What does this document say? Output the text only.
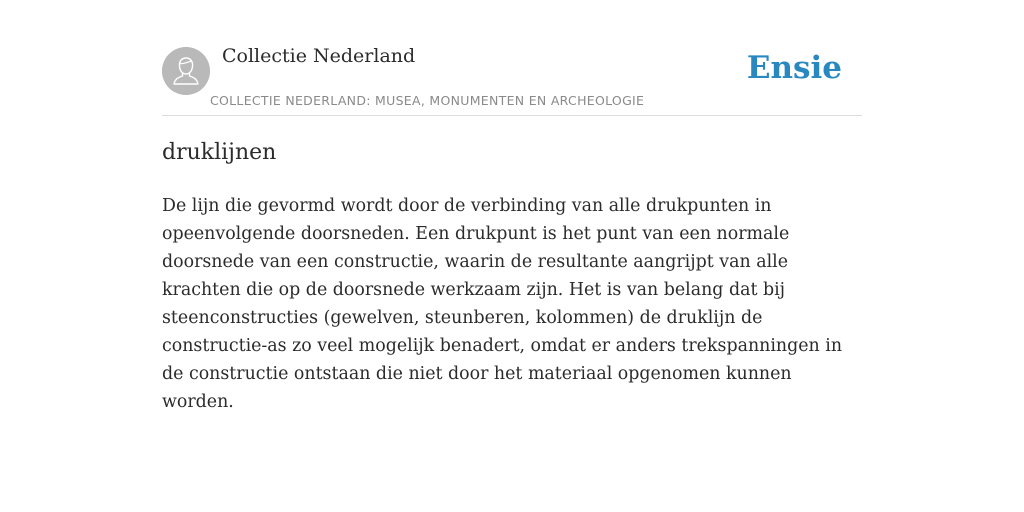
Collectie Nederland
COLLECTIE NEDERLAND: MUSEA, MONUMENTEN EN ARCHEOLOGIE
Ensie
druklijnen

De lijn die gevormd wordt door de verbinding van alle drukpunten in opeenvolgende doorsneden. Een drukpunt is het punt van een normale doorsnede van een constructie, waarin de resultante aangrijpt van alle krachten die op de doorsnede werkzaam zijn. Het is van belang dat bij steenconstructies (gewelven, steunberen, kolommen) de druklijn de constructie-as zo veel mogelijk benadert, omdat er anders trekspanningen in de constructie ontstaan die niet door het materiaal opgenomen kunnen worden.
